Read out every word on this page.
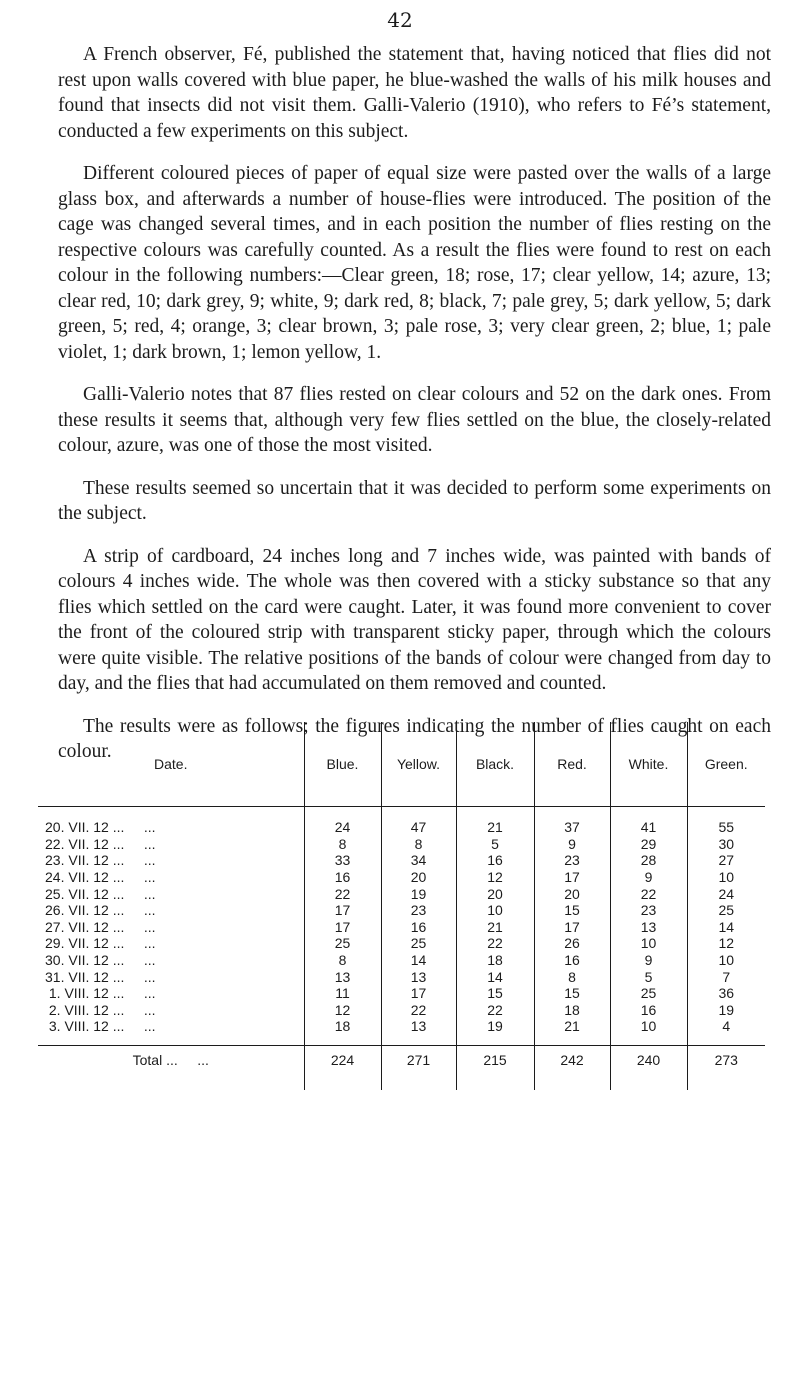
42

A French observer, Fé, published the statement that, having noticed that flies did not rest upon walls covered with blue paper, he blue-washed the walls of his milk houses and found that insects did not visit them. Galli-Valerio (1910), who refers to Fé’s statement, conducted a few experiments on this subject.

Different coloured pieces of paper of equal size were pasted over the walls of a large glass box, and afterwards a number of house-flies were introduced. The position of the cage was changed several times, and in each position the number of flies resting on the respective colours was carefully counted. As a result the flies were found to rest on each colour in the following numbers:—Clear green, 18; rose, 17; clear yellow, 14; azure, 13; clear red, 10; dark grey, 9; white, 9; dark red, 8; black, 7; pale grey, 5; dark yellow, 5; dark green, 5; red, 4; orange, 3; clear brown, 3; pale rose, 3; very clear green, 2; blue, 1; pale violet, 1; dark brown, 1; lemon yellow, 1.

Galli-Valerio notes that 87 flies rested on clear colours and 52 on the dark ones. From these results it seems that, although very few flies settled on the blue, the closely-related colour, azure, was one of those the most visited.

These results seemed so uncertain that it was decided to perform some experiments on the subject.

A strip of cardboard, 24 inches long and 7 inches wide, was painted with bands of colours 4 inches wide. The whole was then covered with a sticky substance so that any flies which settled on the card were caught. Later, it was found more convenient to cover the front of the coloured strip with transparent sticky paper, through which the colours were quite visible. The relative positions of the bands of colour were changed from day to day, and the flies that had accumulated on them removed and counted.

The results were as follows; the figures indicating the number of flies caught on each colour.

Date.	Blue.	Yellow.	Black.	Red.	White.	Green.
20. VII. 12 ...     ...	24	47	21	37	41	55
22. VII. 12 ...     ...	8	8	5	9	29	30
23. VII. 12 ...     ...	33	34	16	23	28	27
24. VII. 12 ...     ...	16	20	12	17	9	10
25. VII. 12 ...     ...	22	19	20	20	22	24
26. VII. 12 ...     ...	17	23	10	15	23	25
27. VII. 12 ...     ...	17	16	21	17	13	14
29. VII. 12 ...     ...	25	25	22	26	10	12
30. VII. 12 ...     ...	8	14	18	16	9	10
31. VII. 12 ...     ...	13	13	14	8	5	7
1. VIII. 12 ...     ...	11	17	15	15	25	36
2. VIII. 12 ...     ...	12	22	22	18	16	19
3. VIII. 12 ...     ...	18	13	19	21	10	4
Total ...     ...	224	271	215	242	240	273
